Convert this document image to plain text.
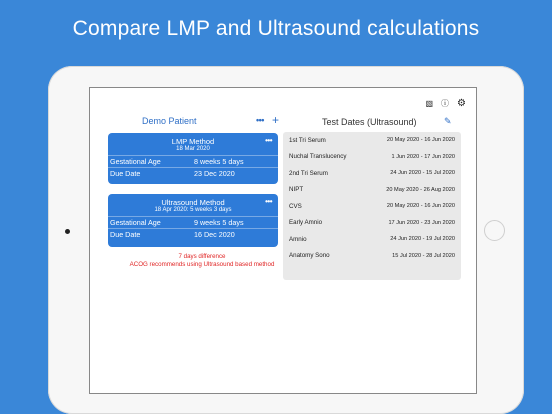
Compare LMP and Ultrasound calculations
▧ ⓘ ⚙
Demo Patient	••• +
LMP Method
18 Mar 2020
•••
Gestational Age	8 weeks 5 days
Due Date	23 Dec 2020
Ultrasound Method
18 Apr 2020: 5 weeks 3 days
•••
Gestational Age	9 weeks 5 days
Due Date	16 Dec 2020
7 days difference
ACOG recommends using Ultrasound based method
Test Dates (Ultrasound)	✎
1st Tri Serum	20 May 2020 - 16 Jun 2020
Nuchal Translucency	1 Jun 2020 - 17 Jun 2020
2nd Tri Serum	24 Jun 2020 - 15 Jul 2020
NIPT	20 May 2020 - 26 Aug 2020
CVS	20 May 2020 - 16 Jun 2020
Early Amnio	17 Jun 2020 - 23 Jun 2020
Amnio	24 Jun 2020 - 19 Jul 2020
Anatomy Sono	15 Jul 2020 - 28 Jul 2020
